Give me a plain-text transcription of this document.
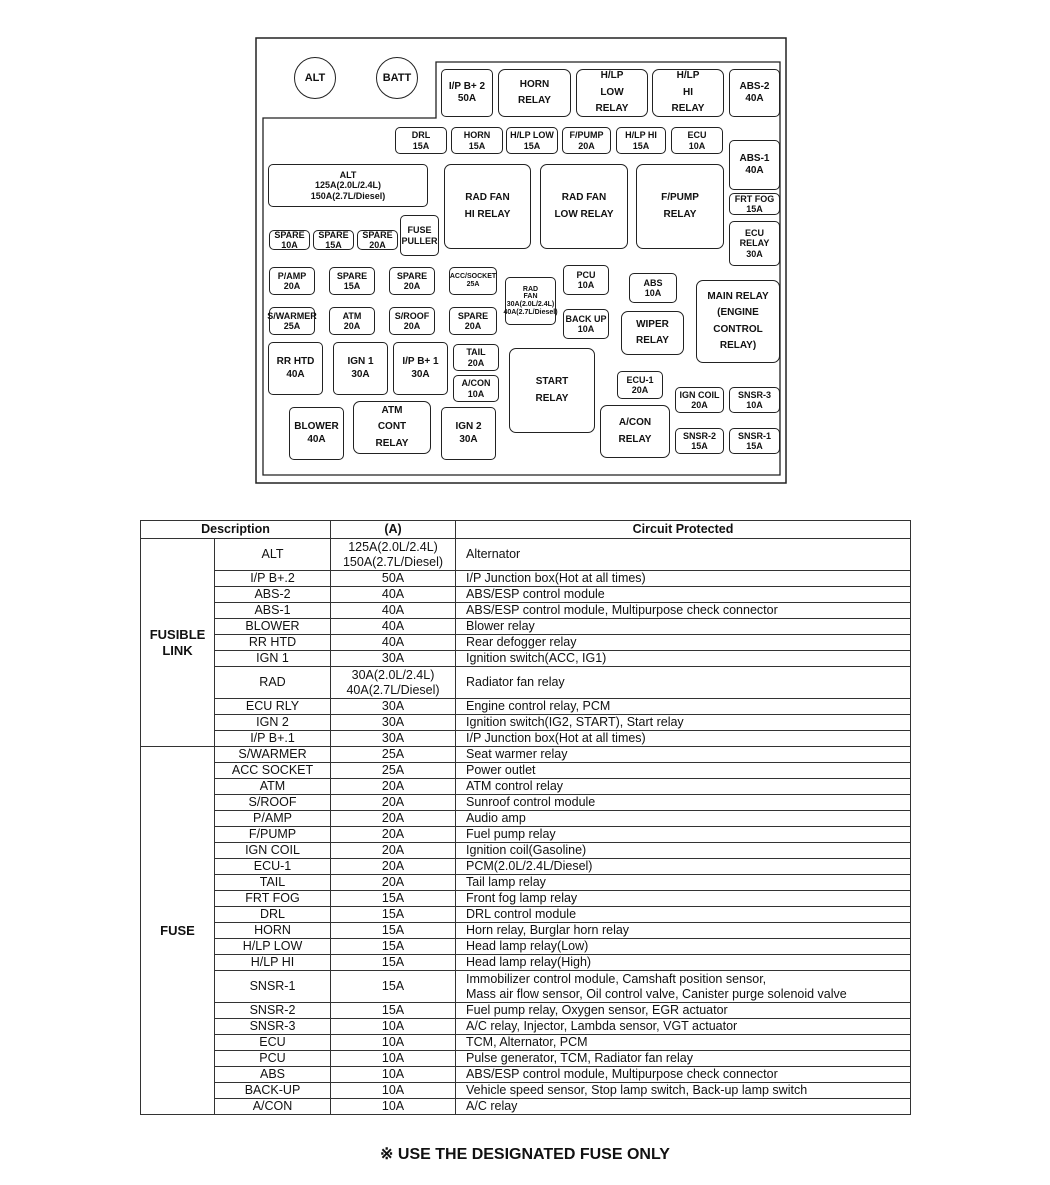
ALT	BATT
I/P B+ 2
50A
HORN
RELAY
H/LP
LOW
RELAY
H/LP
HI
RELAY
ABS-2
40A
DRL
15A
HORN
15A
H/LP LOW
15A
F/PUMP
20A
H/LP HI
15A
ECU
10A
ABS-1
40A
ALT
125A(2.0L/2.4L)
150A(2.7L/Diesel)	RAD FAN
HI RELAY
RAD FAN
LOW RELAY
F/PUMP
RELAY
FRT FOG
15A
ECU
RELAY
30A
SPARE
10A
SPARE
15A
SPARE
20A
FUSE
PULLER
P/AMP
20A
SPARE
15A
SPARE
20A
ACC/SOCKET
25A
RAD
FAN
30A(2.0L/2.4L)
40A(2.7L/Diesel)
PCU
10A	ABS
10A	MAIN RELAY
(ENGINE
CONTROL
RELAY)
S/WARMER
25A
ATM
20A
S/ROOF
20A
SPARE
20A
BACK UP
10A	WIPER
RELAY
RR HTD
40A
IGN 1
30A
I/P B+ 1
30A
TAIL
20A
A/CON
10A
START
RELAY
ECU-1
20A	IGN COIL
20A
SNSR-3
10A
BLOWER
40A
ATM
CONT
RELAY
IGN 2
30A
A/CON
RELAY	SNSR-2
15A
SNSR-1
15A
Description		(A)	Circuit Protected
FUSIBLE
LINK	ALT	125A(2.0L/2.4L)
150A(2.7L/Diesel)	Alternator
	I/P B+.2	50A	I/P Junction box(Hot at all times)
	ABS-2	40A	ABS/ESP control module
	ABS-1	40A	ABS/ESP control module, Multipurpose check connector
	BLOWER	40A	Blower relay
	RR HTD	40A	Rear defogger relay
	IGN 1	30A	Ignition switch(ACC, IG1)
	RAD	30A(2.0L/2.4L)
40A(2.7L/Diesel)	Radiator fan relay
	ECU RLY	30A	Engine control relay, PCM
	IGN 2	30A	Ignition switch(IG2, START), Start relay
	I/P B+.1	30A	I/P Junction box(Hot at all times)
FUSE	S/WARMER	25A	Seat warmer relay
	ACC SOCKET	25A	Power outlet
	ATM	20A	ATM control relay
	S/ROOF	20A	Sunroof control module
	P/AMP	20A	Audio amp
	F/PUMP	20A	Fuel pump relay
	IGN COIL	20A	Ignition coil(Gasoline)
	ECU-1	20A	PCM(2.0L/2.4L/Diesel)
	TAIL	20A	Tail lamp relay
	FRT FOG	15A	Front fog lamp relay
	DRL	15A	DRL control module
	HORN	15A	Horn relay, Burglar horn relay
	H/LP LOW	15A	Head lamp relay(Low)
	H/LP HI	15A	Head lamp relay(High)
	SNSR-1	15A	Immobilizer control module, Camshaft position sensor,
Mass air flow sensor, Oil control valve, Canister purge solenoid valve
	SNSR-2	15A	Fuel pump relay, Oxygen sensor, EGR actuator
	SNSR-3	10A	A/C relay, Injector, Lambda sensor, VGT actuator
	ECU	10A	TCM, Alternator, PCM
	PCU	10A	Pulse generator, TCM, Radiator fan relay
	ABS	10A	ABS/ESP control module, Multipurpose check connector
	BACK-UP	10A	Vehicle speed sensor, Stop lamp switch, Back-up lamp switch
	A/CON	10A	A/C relay
※ USE THE DESIGNATED FUSE ONLY
